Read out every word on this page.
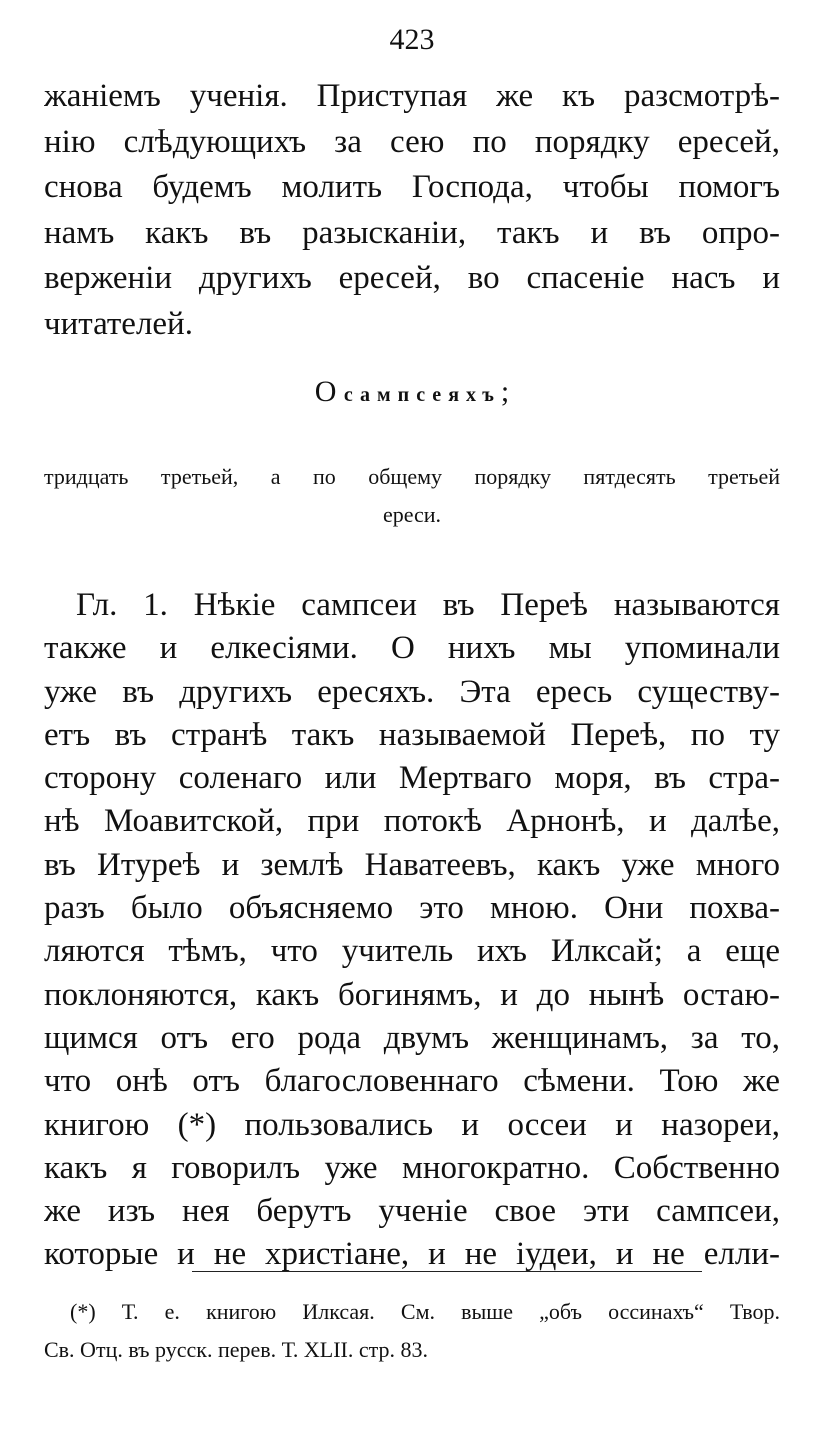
423
жаніемъ ученія. Приступая же къ разсмотрѣ-
нію слѣдующихъ за сею по порядку ересей,
снова будемъ молить Господа, чтобы помогъ
намъ какъ въ разысканіи, такъ и въ опро-
верженіи другихъ ересей, во спасеніе насъ и
читателей.
О сампсеяхъ;
тридцать третьей, а по общему порядку пятдесять третьей
ереси.
Гл. 1. Нѣкіе сампсеи въ Переѣ называются
также и елкесіями. О нихъ мы упоминали
уже въ другихъ ересяхъ. Эта ересь существу-
етъ въ странѣ такъ называемой Переѣ, по ту
сторону соленаго или Мертваго моря, въ стра-
нѣ Моавитской, при потокѣ Арнонѣ, и далѣе,
въ Итуреѣ и землѣ Наватеевъ, какъ уже много
разъ было объясняемо это мною. Они похва-
ляются тѣмъ, что учитель ихъ Илксай; а еще
поклоняются, какъ богинямъ, и до нынѣ остаю-
щимся отъ его рода двумъ женщинамъ, за то,
что онѣ отъ благословеннаго сѣмени. Тою же
книгою (*) пользовались и оссеи и назореи,
какъ я говорилъ уже многократно. Собственно
же изъ нея берутъ ученіе свое эти сампсеи,
которые и не христіане, и не іудеи, и не елли-
(*) Т. е. книгою Илксая. См. выше „объ оссинахъ“ Твор.
Св. Отц. въ русск. перев. Т. XLII. стр. 83.
